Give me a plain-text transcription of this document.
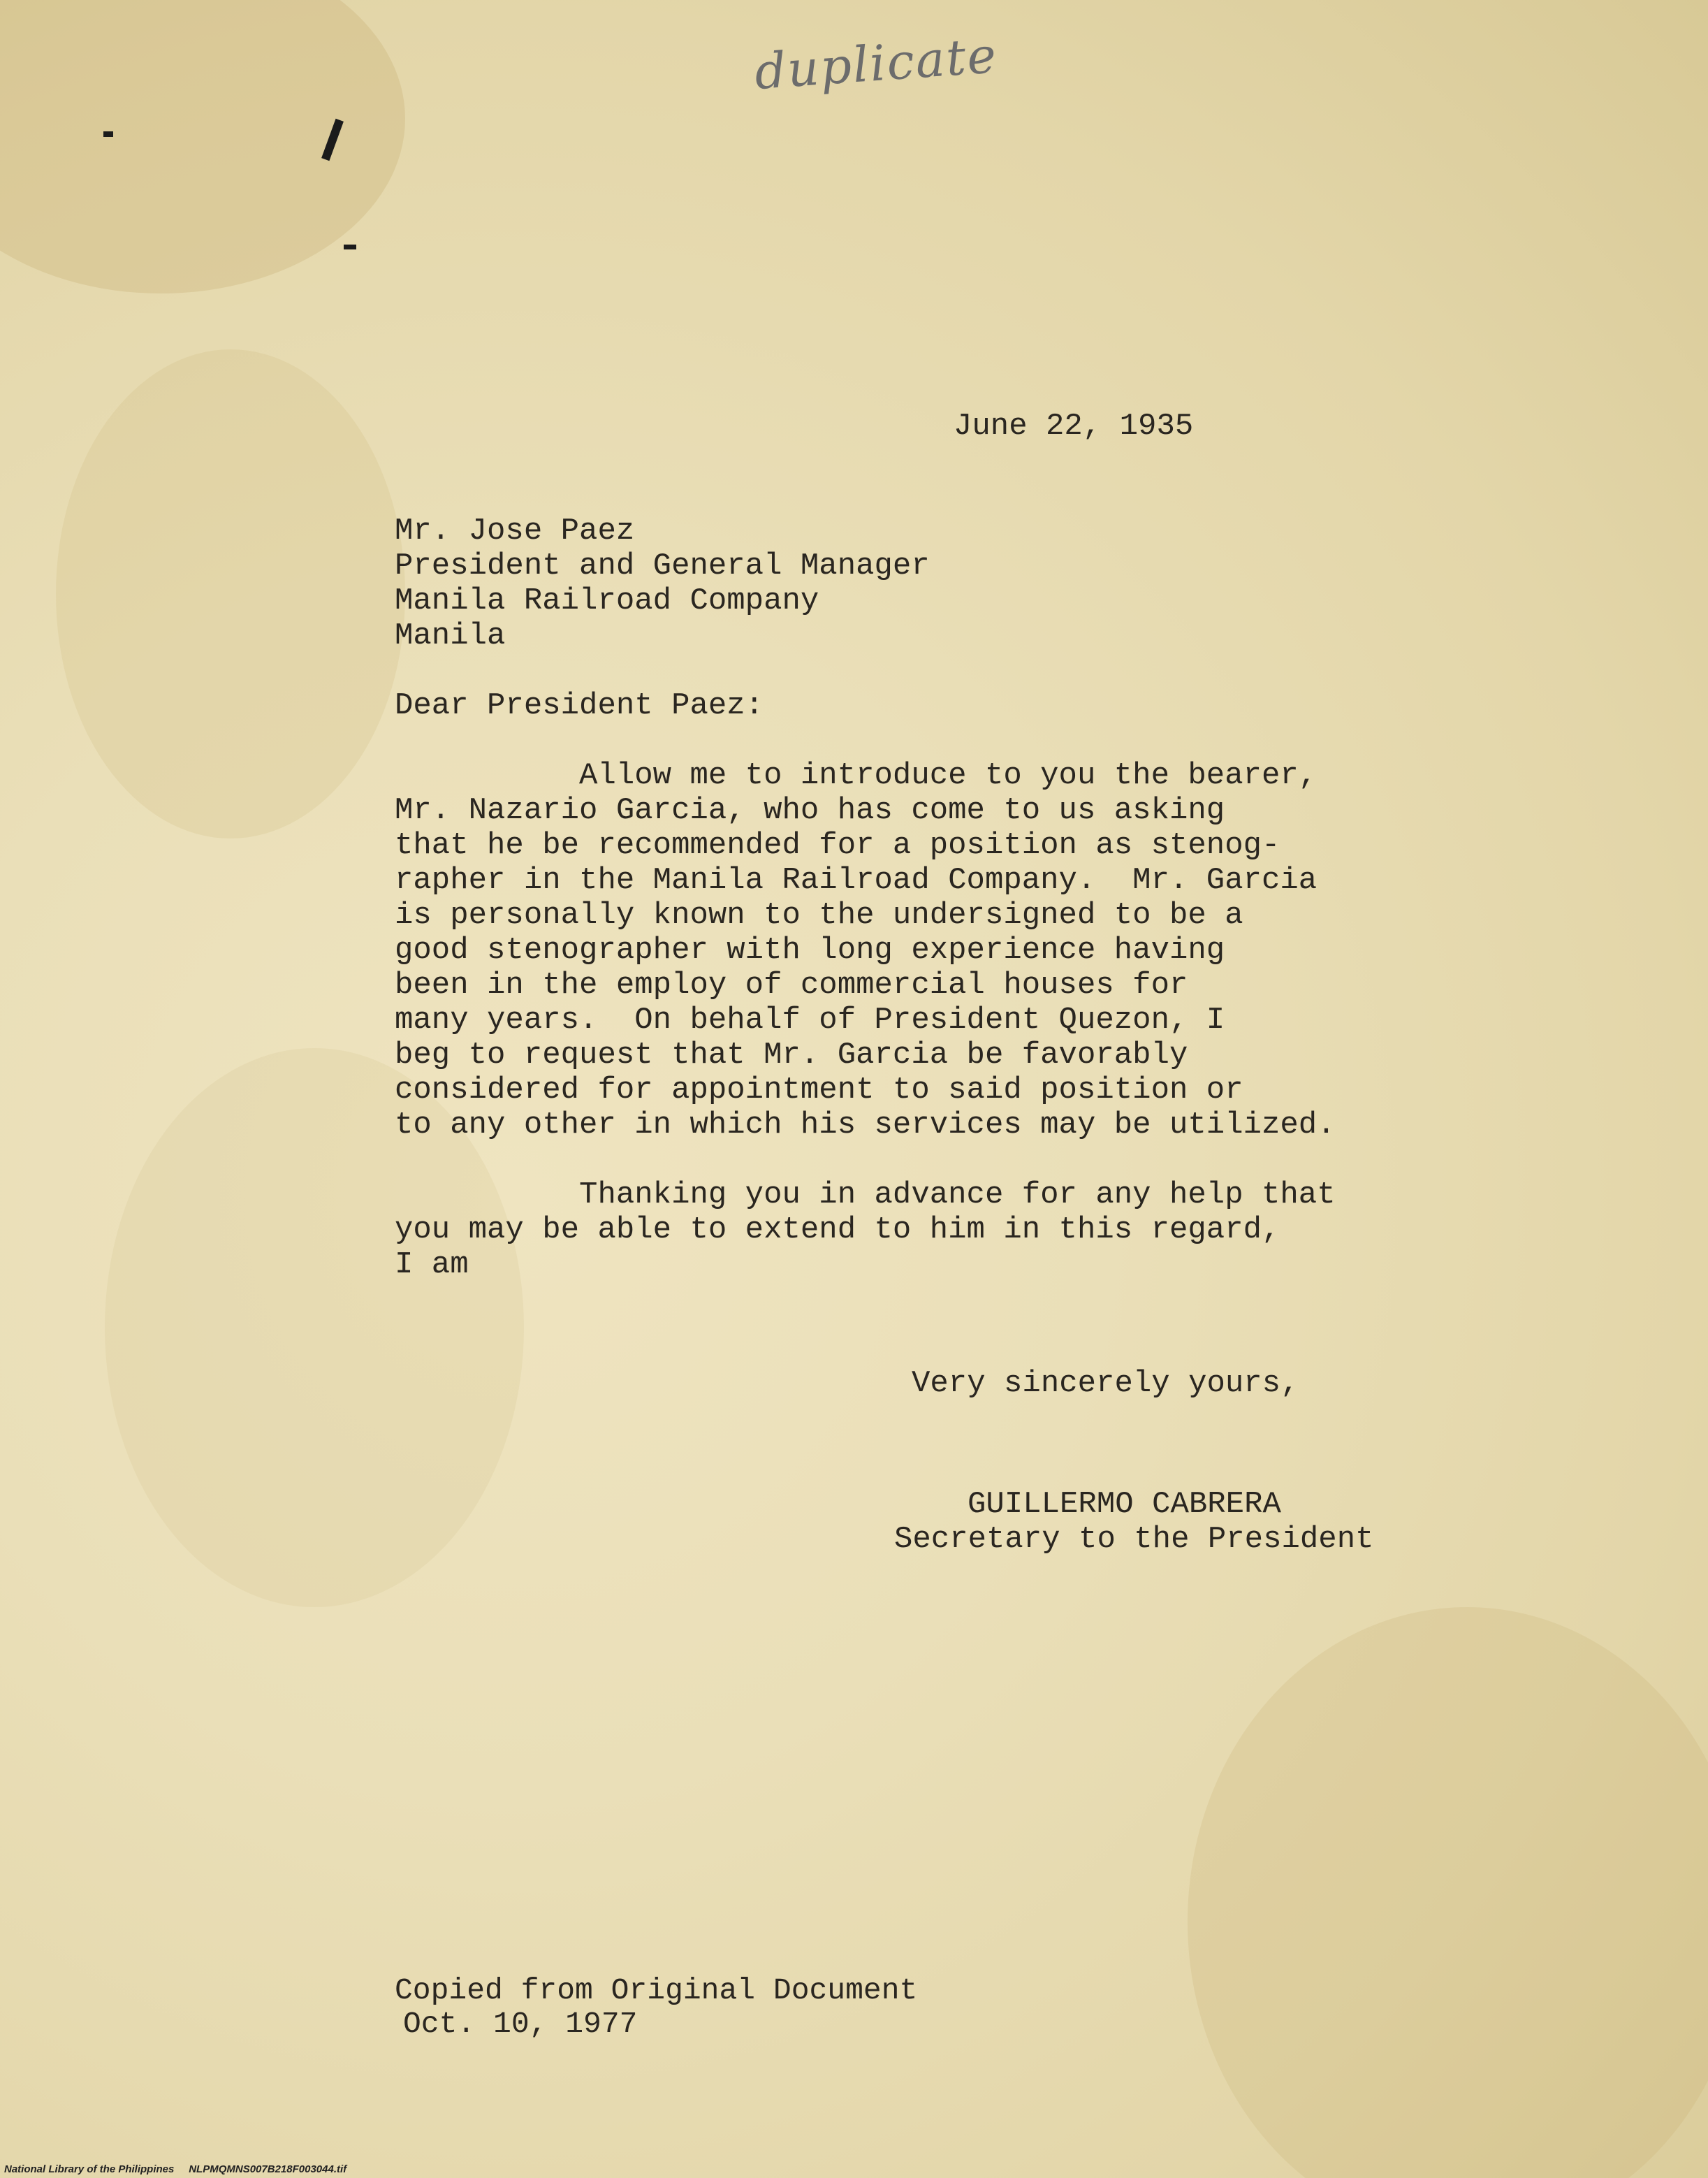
duplicate
June 22, 1935
Mr. Jose Paez
President and General Manager
Manila Railroad Company
Manila
Dear President Paez:
Allow me to introduce to you the bearer,
Mr. Nazario Garcia, who has come to us asking
that he be recommended for a position as stenog-
rapher in the Manila Railroad Company.  Mr. Garcia
is personally known to the undersigned to be a
good stenographer with long experience having
been in the employ of commercial houses for
many years.  On behalf of President Quezon, I
beg to request that Mr. Garcia be favorably
considered for appointment to said position or
to any other in which his services may be utilized.
Thanking you in advance for any help that
you may be able to extend to him in this regard,
I am
Very sincerely yours,
GUILLERMO CABRERA
Secretary to the President
Copied from Original Document
Oct. 10, 1977
National Library of the Philippines NLPMQMNS007B218F003044.tif
